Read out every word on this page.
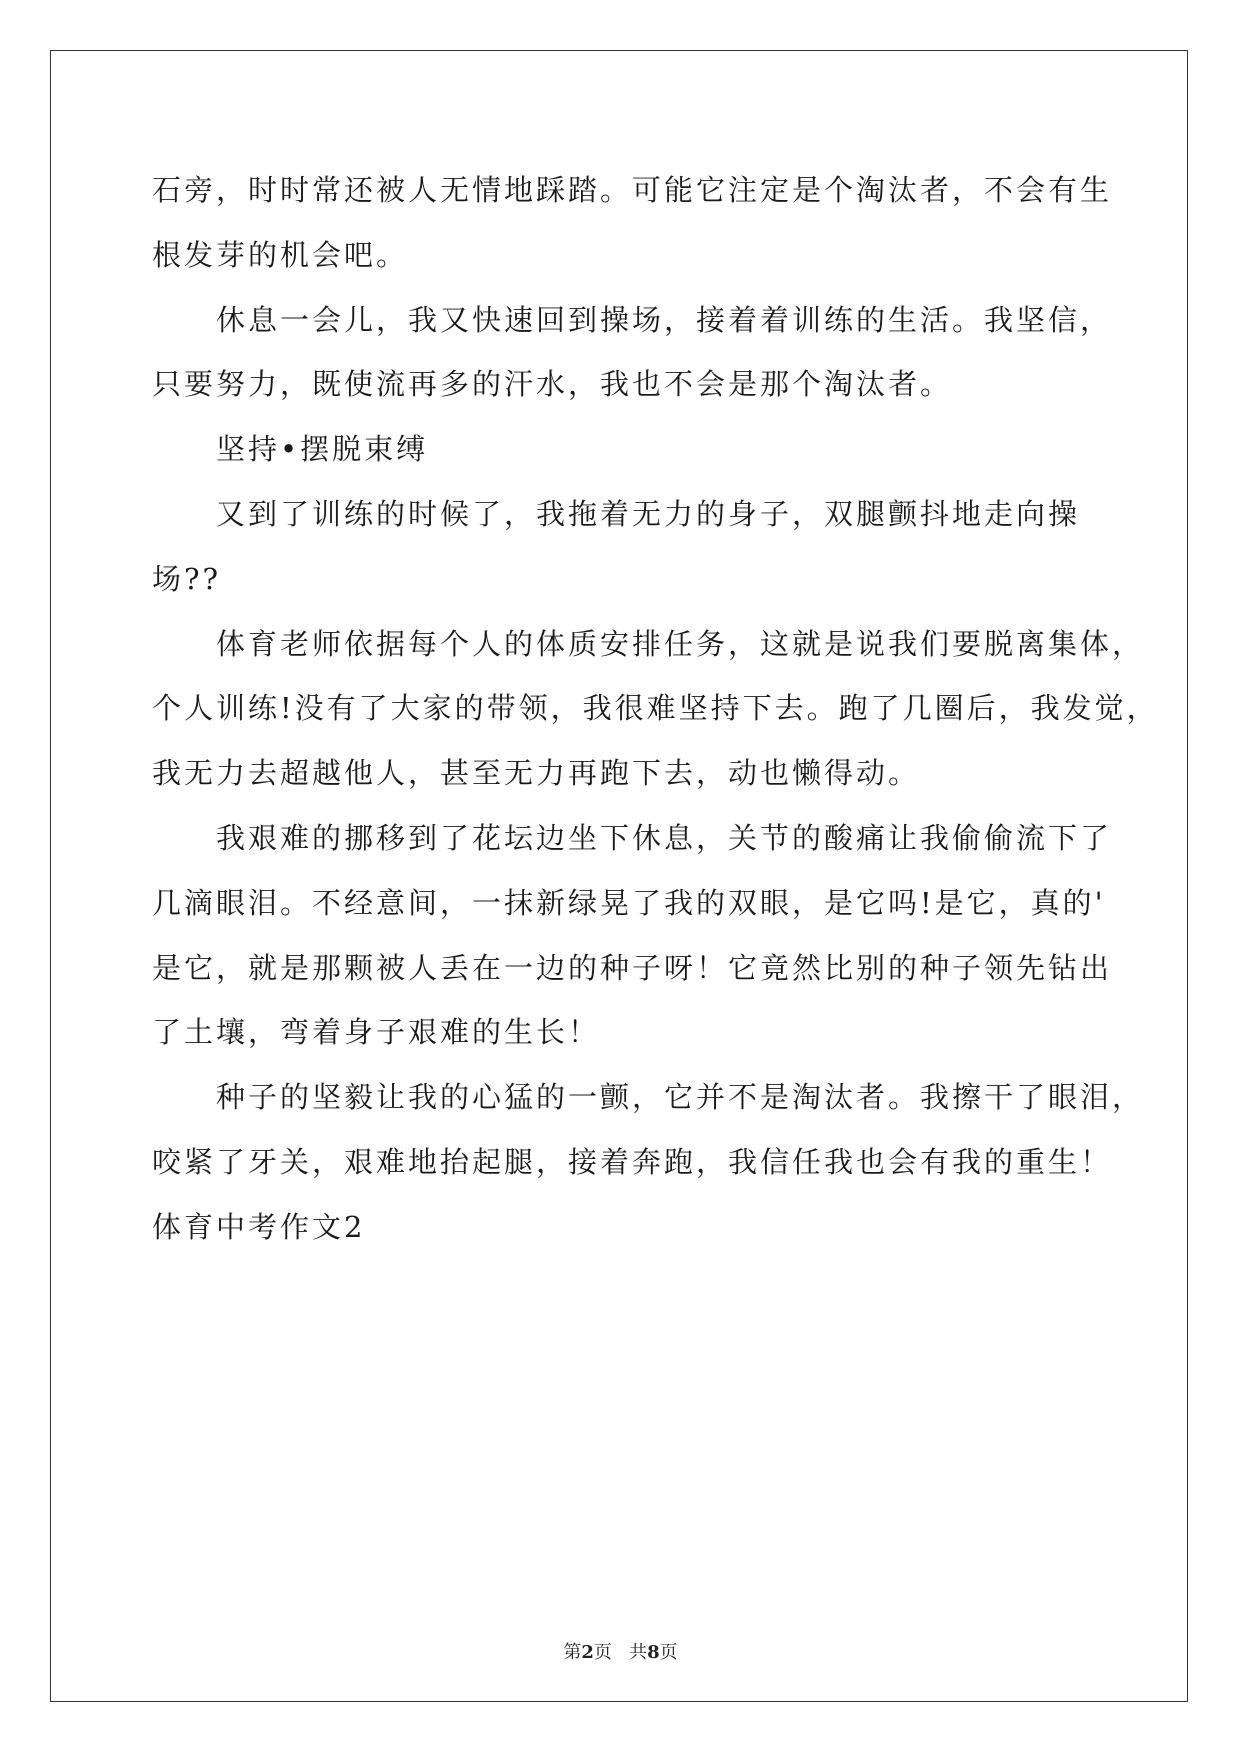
石旁，时时常还被人无情地踩踏。可能它注定是个淘汰者，不会有生

根发芽的机会吧。

休息一会儿，我又快速回到操场，接着着训练的生活。我坚信，

只要努力，既使流再多的汗水，我也不会是那个淘汰者。

坚持•摆脱束缚

又到了训练的时候了，我拖着无力的身子，双腿颤抖地走向操

场??

体育老师依据每个人的体质安排任务，这就是说我们要脱离集体，

个人训练!没有了大家的带领，我很难坚持下去。跑了几圈后，我发觉，

我无力去超越他人，甚至无力再跑下去，动也懒得动。

我艰难的挪移到了花坛边坐下休息，关节的酸痛让我偷偷流下了

几滴眼泪。不经意间，一抹新绿晃了我的双眼，是它吗!是它，真的'

是它，就是那颗被人丢在一边的种子呀！它竟然比别的种子领先钻出

了土壤，弯着身子艰难的生长！

种子的坚毅让我的心猛的一颤，它并不是淘汰者。我擦干了眼泪，

咬紧了牙关，艰难地抬起腿，接着奔跑，我信任我也会有我的重生！

体育中考作文2

第2页 共8页
